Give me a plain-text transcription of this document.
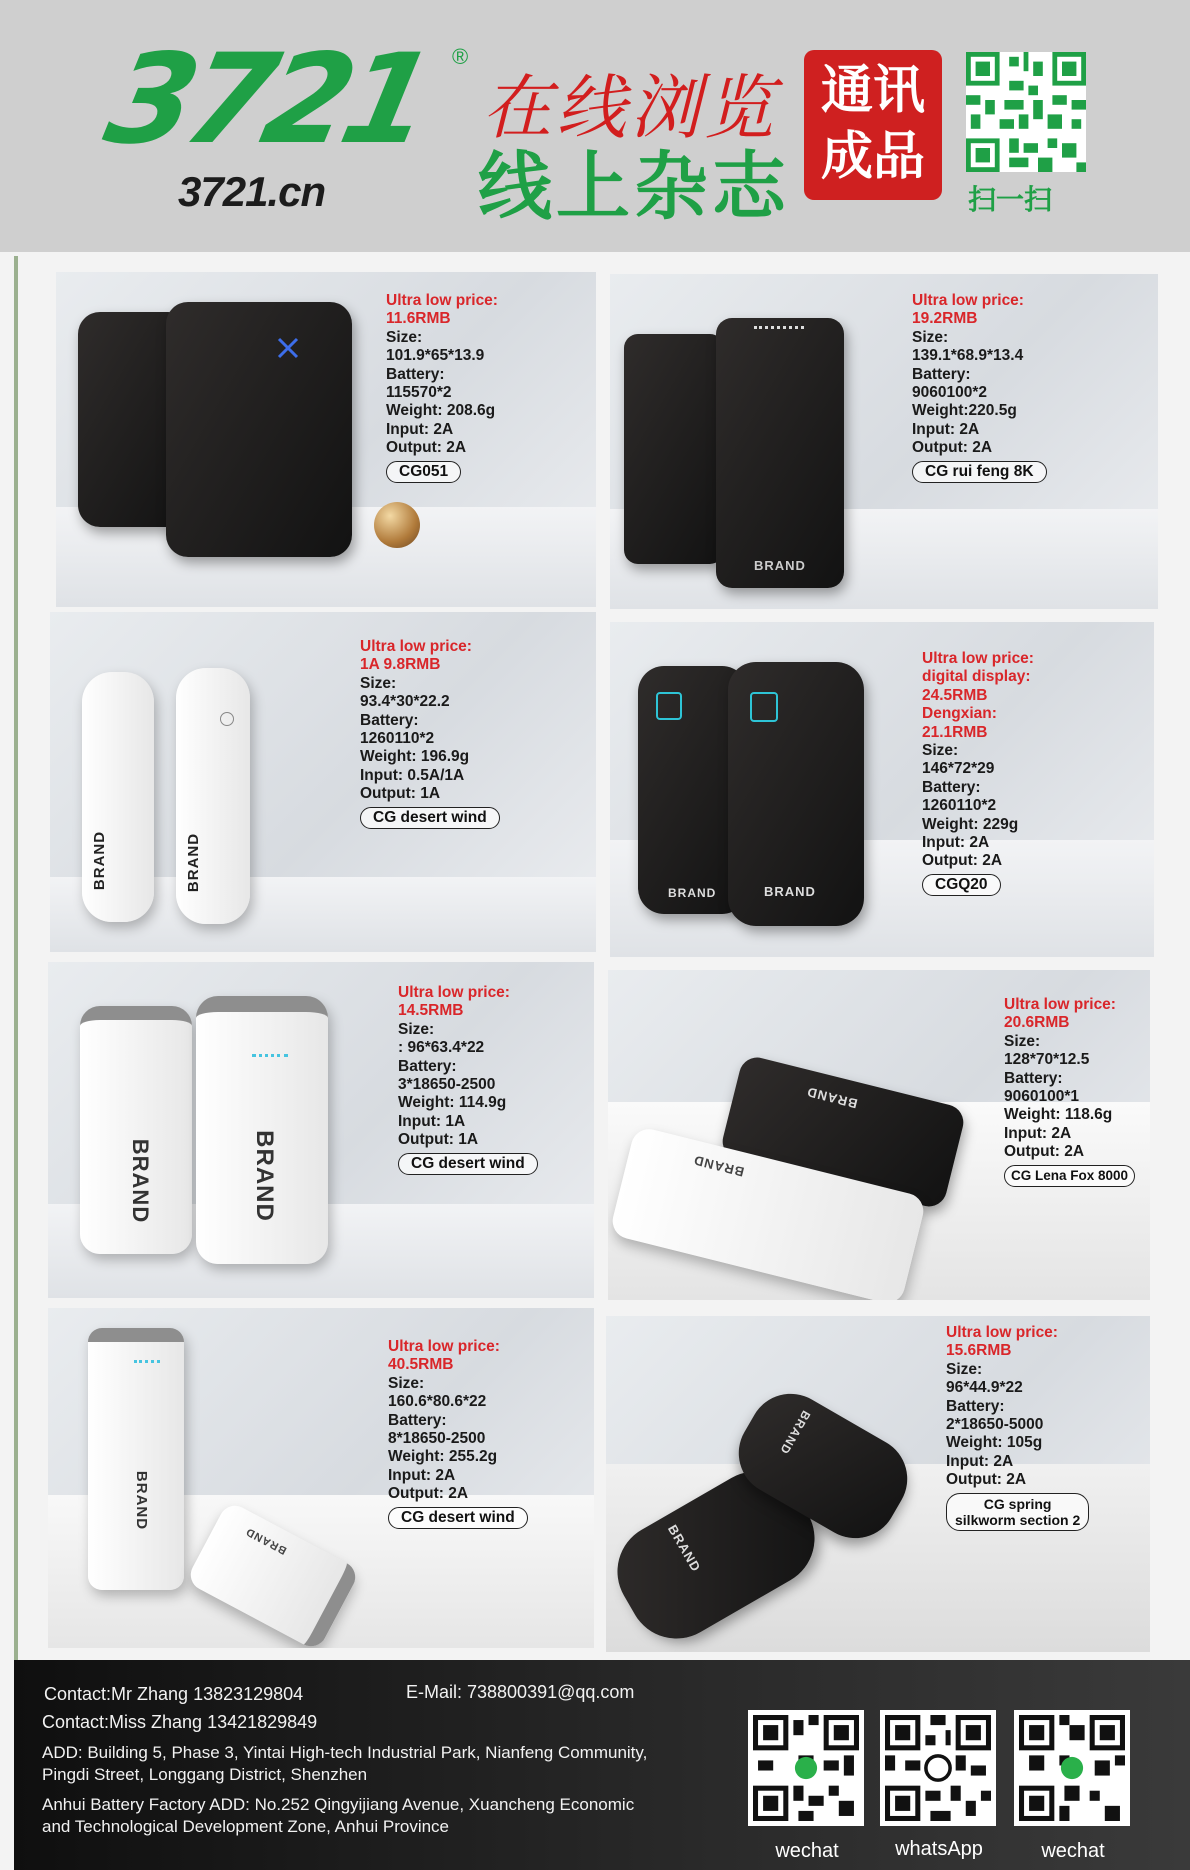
3721 ®
3721.cn
在线浏览
线上杂志
通讯
成品
扫一扫
Ultra low price:
11.6RMB
Size:
101.9*65*13.9
Battery:
115570*2
Weight: 208.6g
Input: 2A
Output: 2A
CG051
BRAND
Ultra low price:
19.2RMB
Size:
139.1*68.9*13.4
Battery:
9060100*2
Weight:220.5g
Input: 2A
Output: 2A
CG rui feng 8K
BRAND	BRAND
Ultra low price:
1A 9.8RMB
Size:
93.4*30*22.2
Battery:
1260110*2
Weight: 196.9g
Input: 0.5A/1A
Output: 1A
CG desert wind
BRAND	BRAND
Ultra low price:
digital display:
24.5RMB
Dengxian:
21.1RMB
Size:
146*72*29
Battery:
1260110*2
Weight: 229g
Input: 2A
Output: 2A
CGQ20
BRAND	BRAND
Ultra low price:
14.5RMB
Size:
: 96*63.4*22
Battery:
3*18650-2500
Weight: 114.9g
Input: 1A
Output: 1A
CG desert wind
BRAND
BRAND
Ultra low price:
20.6RMB
Size:
128*70*12.5
Battery:
9060100*1
Weight: 118.6g
Input: 2A
Output: 2A
CG Lena Fox 8000
BRAND
BRAND
Ultra low price:
40.5RMB
Size:
160.6*80.6*22
Battery:
8*18650-2500
Weight: 255.2g
Input: 2A
Output: 2A
CG desert wind
BRAND
BRAND
Ultra low price:
15.6RMB
Size:
96*44.9*22
Battery:
2*18650-5000
Weight: 105g
Input: 2A
Output: 2A
CG spring
silkworm section 2
Contact:Mr Zhang 13823129804	E-Mail: 738800391@qq.com
Contact:Miss Zhang 13421829849
ADD: Building 5, Phase 3, Yintai High-tech Industrial Park, Nianfeng Community,
Pingdi Street, Longgang District, Shenzhen
Anhui Battery Factory ADD: No.252 Qingyijiang Avenue, Xuancheng Economic
and Technological Development Zone, Anhui Province
wechat	whatsApp	wechat
